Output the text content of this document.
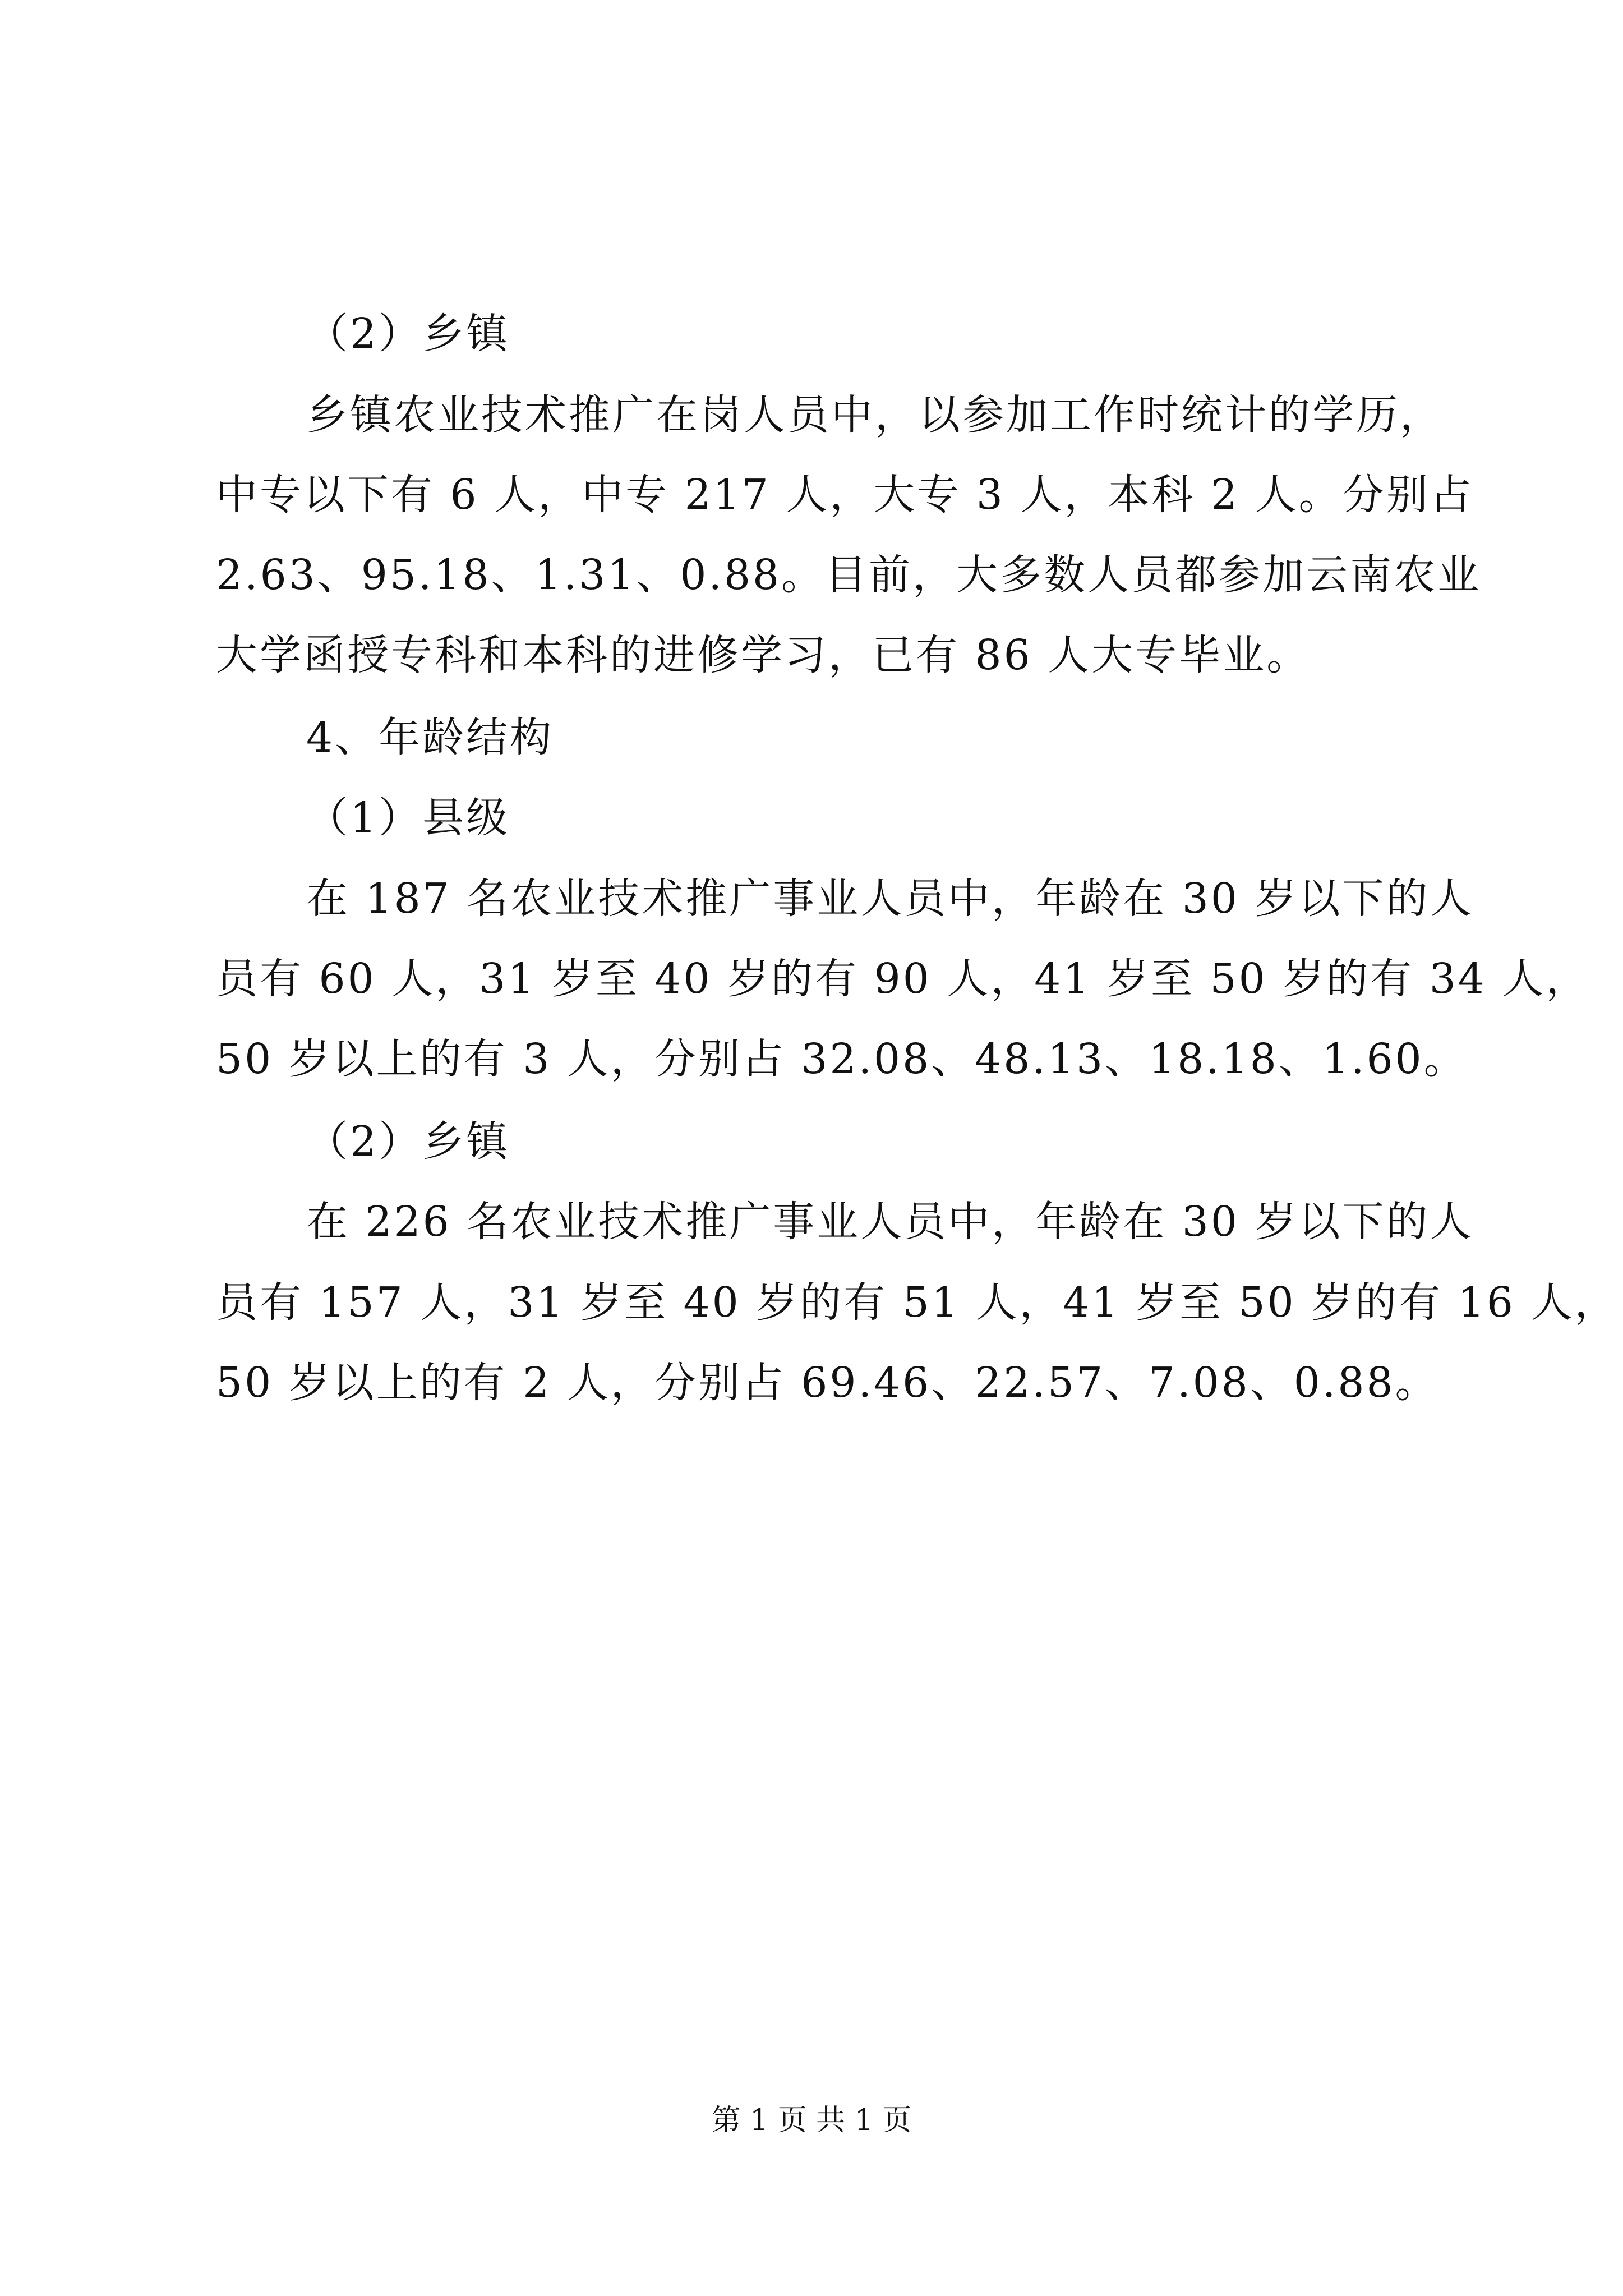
（2）乡镇
乡镇农业技术推广在岗人员中，以参加工作时统计的学历，
中专以下有 6 人，中专 217 人，大专 3 人，本科 2 人。分别占
2.63、95.18、1.31、0.88。目前，大多数人员都参加云南农业
大学函授专科和本科的进修学习，已有 86 人大专毕业。
4、年龄结构
（1）县级
在 187 名农业技术推广事业人员中，年龄在 30 岁以下的人
员有 60 人，31 岁至 40 岁的有 90 人，41 岁至 50 岁的有 34 人，
50 岁以上的有 3 人，分别占 32.08、48.13、18.18、1.60。
（2）乡镇
在 226 名农业技术推广事业人员中，年龄在 30 岁以下的人
员有 157 人，31 岁至 40 岁的有 51 人，41 岁至 50 岁的有 16 人，
50 岁以上的有 2 人，分别占 69.46、22.57、7.08、0.88。
第 1 页 共 1 页
